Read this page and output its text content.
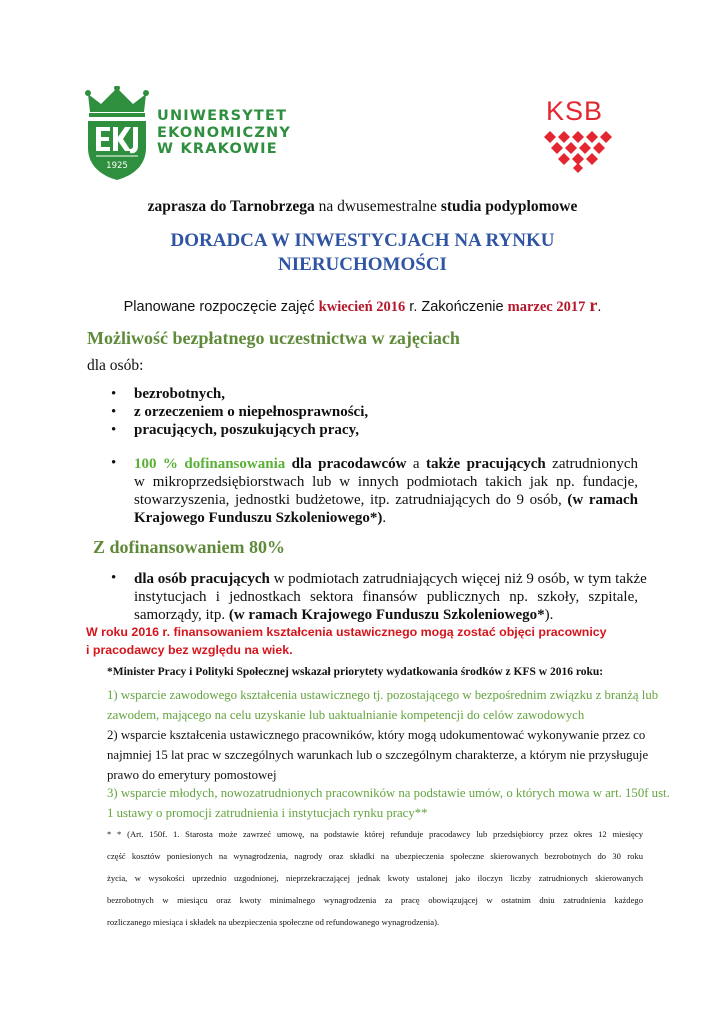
1925
UNIWERSYTET
EKONOMICZNY
W KRAKOWIE
KSB
zaprasza do Tarnobrzega na dwusemestralne studia podyplomowe
DORADCA W INWESTYCJACH NA RYNKU
NIERUCHOMOŚCI
Planowane rozpoczęcie zajęć kwiecień 2016 r. Zakończenie marzec 2017 r.
Możliwość bezpłatnego uczestnictwa w zajęciach
dla osób:
• bezrobotnych,
• z orzeczeniem o niepełnosprawności,
• pracujących, poszukujących pracy,
• 100 % dofinansowania dla pracodawców a także pracujących zatrudnionych
w mikroprzedsiębiorstwach lub w innych podmiotach takich jak np. fundacje,
stowarzyszenia, jednostki budżetowe, itp. zatrudniających do 9 osób, (w ramach
Krajowego Funduszu Szkoleniowego*).
Z dofinansowaniem 80%
• dla osób pracujących w podmiotach zatrudniających więcej niż 9 osób, w tym także
instytucjach i jednostkach sektora finansów publicznych np. szkoły, szpitale,
samorządy, itp. (w ramach Krajowego Funduszu Szkoleniowego*).
W roku 2016 r. finansowaniem kształcenia ustawicznego mogą zostać objęci pracownicy
i pracodawcy bez względu na wiek.
*Minister Pracy i Polityki Społecznej wskazał priorytety wydatkowania środków z KFS w 2016 roku:
1) wsparcie zawodowego kształcenia ustawicznego tj. pozostającego w bezpośrednim związku z branżą lub
zawodem, mającego na celu uzyskanie lub uaktualnianie kompetencji do celów zawodowych
2) wsparcie kształcenia ustawicznego pracowników, który mogą udokumentować wykonywanie przez co
najmniej 15 lat prac w szczególnych warunkach lub o szczególnym charakterze, a którym nie przysługuje
prawo do emerytury pomostowej
3) wsparcie młodych, nowozatrudnionych pracowników na podstawie umów, o których mowa w art. 150f ust.
1 ustawy o promocji zatrudnienia i instytucjach rynku pracy**
* * (Art. 150f. 1. Starosta może zawrzeć umowę, na podstawie której refunduje pracodawcy lub przedsiębiorcy przez okres 12 miesięcy
część kosztów poniesionych na wynagrodzenia, nagrody oraz składki na ubezpieczenia społeczne skierowanych bezrobotnych do 30 roku
życia, w wysokości uprzednio uzgodnionej, nieprzekraczającej jednak kwoty ustalonej jako iloczyn liczby zatrudnionych skierowanych
bezrobotnych w miesiącu oraz kwoty minimalnego wynagrodzenia za pracę obowiązującej w ostatnim dniu zatrudnienia każdego
rozliczanego miesiąca i składek na ubezpieczenia społeczne od refundowanego wynagrodzenia).
